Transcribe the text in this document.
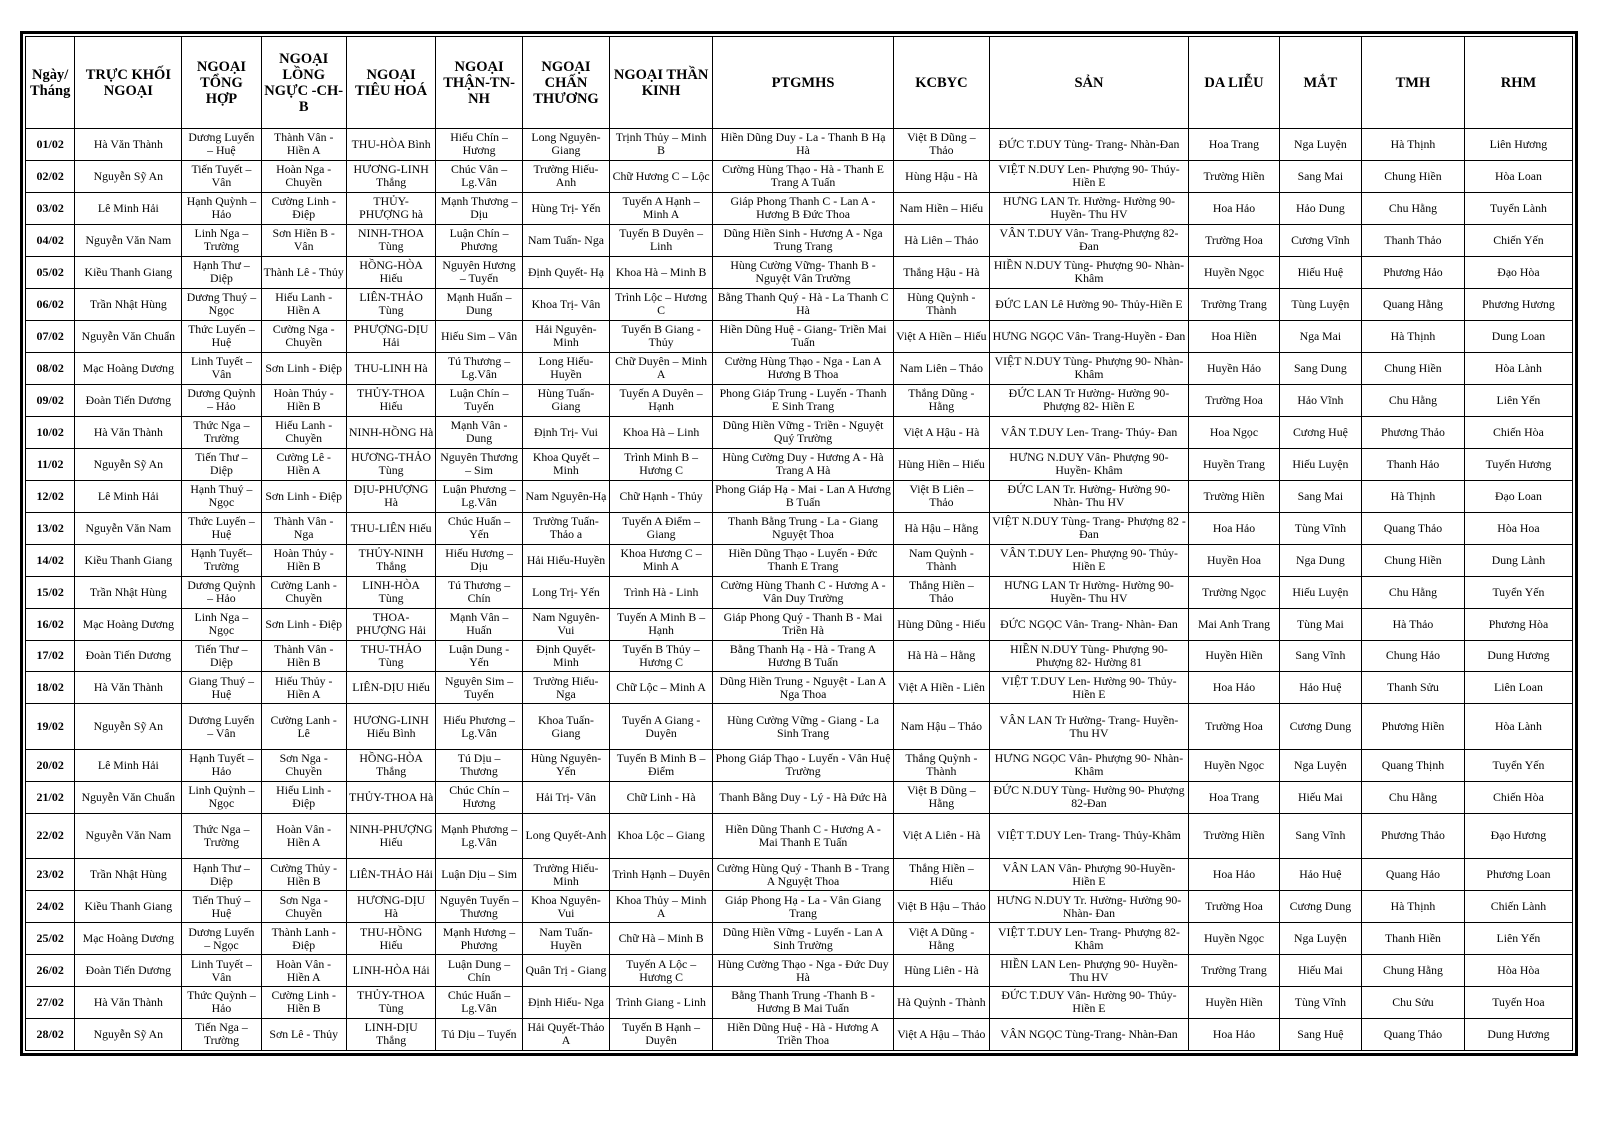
Ngày/ Tháng	TRỰC KHỐI NGOẠI	NGOẠI TỔNG HỢP	NGOẠI LỒNG NGỰC -CH-B	NGOẠI TIÊU HOÁ	NGOẠI THẬN-TN-NH	NGOẠI CHẤN THƯƠNG	NGOẠI THẦN KINH	PTGMHS	KCBYC	SẢN	DA LIỄU	MẮT	TMH	RHM
01/02	Hà Văn Thành	Dương Luyến – Huệ	Thành Vân - Hiền A	THU-HÒA Bình	Hiếu Chín – Hương	Long Nguyên-Giang	Trịnh Thủy – Minh B	Hiền Dũng Duy - La - Thanh B Hạ Hà	Việt B Dũng – Thảo	ĐỨC T.DUY Tùng- Trang- Nhàn-Đan	Hoa Trang	Nga Luyện	Hà Thịnh	Liên Hương
02/02	Nguyễn Sỹ An	Tiến Tuyết – Vân	Hoàn Nga - Chuyền	HƯƠNG-LINH Thắng	Chúc Vân – Lg.Vân	Trường Hiếu-Anh	Chữ Hương C – Lộc	Cường Hùng Thạo - Hà - Thanh E Trang A Tuấn	Hùng Hậu - Hà	VIỆT N.DUY Len- Phượng 90- Thúy-Hiền E	Trường Hiền	Sang Mai	Chung Hiền	Hòa Loan
03/02	Lê Minh Hải	Hạnh Quỳnh – Hảo	Cường Linh - Điệp	THỦY-PHƯỢNG hà	Mạnh Thương – Dịu	Hùng Trị- Yến	Tuyến A Hạnh – Minh A	Giáp Phong Thanh C - Lan A - Hương B Đức Thoa	Nam Hiền – Hiếu	HƯNG LAN Tr. Hường- Hường 90- Huyền- Thu HV	Hoa Hảo	Hảo Dung	Chu Hằng	Tuyển Lành
04/02	Nguyễn Văn Nam	Linh Nga – Trường	Sơn Hiền B - Vân	NINH-THOA Tùng	Luận Chín – Phương	Nam Tuấn- Nga	Tuyến B Duyên – Linh	Dũng Hiền Sinh - Hương A - Nga Trung Trang	Hà Liên – Thảo	VÂN T.DUY Vân- Trang-Phượng 82-Đan	Trường Hoa	Cương Vĩnh	Thanh Thảo	Chiến Yến
05/02	Kiều Thanh Giang	Hạnh Thư – Diệp	Thành Lê - Thủy	HỒNG-HÒA Hiếu	Nguyên Hương – Tuyến	Định Quyết- Hạ	Khoa Hà – Minh B	Hùng Cường Vững- Thanh B - Nguyệt Vân Trường	Thắng Hậu - Hà	HIỀN N.DUY Tùng- Phượng 90- Nhàn- Khâm	Huyền Ngọc	Hiếu Huệ	Phương Hảo	Đạo Hòa
06/02	Trần Nhật Hùng	Dương Thuý – Ngọc	Hiếu Lanh - Hiền A	LIÊN-THẢO Tùng	Mạnh Huấn – Dung	Khoa Trị- Vân	Trình Lộc – Hương C	Bằng Thanh Quý - Hà - La Thanh C Hà	Hùng Quỳnh - Thành	ĐỨC LAN Lê Hường 90- Thủy-Hiền E	Trường Trang	Tùng Luyện	Quang Hằng	Phương Hương
07/02	Nguyễn Văn Chuẩn	Thức Luyến – Huệ	Cường Nga - Chuyền	PHƯỢNG-DỊU Hải	Hiếu Sim – Vân	Hải Nguyên-Minh	Tuyến B Giang - Thủy	Hiền Dũng Huệ - Giang- Triền Mai Tuấn	Việt A Hiền – Hiếu	HƯNG NGỌC Vân- Trang-Huyền - Đan	Hoa Hiền	Nga Mai	Hà Thịnh	Dung Loan
08/02	Mạc Hoàng Dương	Linh Tuyết – Vân	Sơn Linh - Điệp	THU-LINH Hà	Tú Thương – Lg.Vân	Long Hiếu-Huyền	Chữ Duyên – Minh A	Cường Hùng Thạo - Nga - Lan A Hương B Thoa	Nam Liên – Thảo	VIỆT N.DUY Tùng- Phượng 90- Nhàn- Khâm	Huyền Hảo	Sang Dung	Chung Hiền	Hòa Lành
09/02	Đoàn Tiến Dương	Dương Quỳnh – Hảo	Hoàn Thúy - Hiền B	THỦY-THOA Hiếu	Luận Chín – Tuyến	Hùng Tuấn-Giang	Tuyến A Duyên – Hạnh	Phong Giáp Trung - Luyến - Thanh E Sinh Trang	Thắng Dũng - Hằng	ĐỨC LAN Tr Hường- Hường 90- Phượng 82- Hiền E	Trường Hoa	Hảo Vĩnh	Chu Hằng	Liên Yến
10/02	Hà Văn Thành	Thức Nga – Trường	Hiếu Lanh - Chuyền	NINH-HỒNG Hà	Mạnh Vân - Dung	Định Trị- Vui	Khoa Hà – Linh	Dũng Hiền Vững - Triền - Nguyệt Quý Trường	Việt A Hậu - Hà	VÂN T.DUY Len- Trang- Thúy- Đan	Hoa Ngọc	Cương Huệ	Phương Thảo	Chiến Hòa
11/02	Nguyễn Sỹ An	Tiến Thư – Diệp	Cường Lê - Hiền A	HƯƠNG-THẢO Tùng	Nguyên Thương – Sim	Khoa Quyết – Minh	Trình Minh B – Hương C	Hùng Cường Duy - Hương A - Hà Trang A Hà	Hùng Hiền – Hiếu	HƯNG N.DUY Vân- Phượng 90- Huyền- Khâm	Huyền Trang	Hiếu Luyện	Thanh Hảo	Tuyến Hương
12/02	Lê Minh Hải	Hạnh Thuý – Ngọc	Sơn Linh - Điệp	DỊU-PHƯỢNG Hà	Luận Phương – Lg.Vân	Nam Nguyên-Hạ	Chữ Hạnh - Thủy	Phong Giáp Hạ - Mai - Lan A Hương B Tuấn	Việt B Liên – Thảo	ĐỨC LAN Tr. Hường- Hường 90- Nhàn- Thu HV	Trường Hiền	Sang Mai	Hà Thịnh	Đạo Loan
13/02	Nguyễn Văn Nam	Thức Luyến – Huệ	Thành Vân - Nga	THU-LIÊN Hiếu	Chúc Huấn – Yến	Trường Tuấn-Thảo a	Tuyến A Điểm – Giang	Thanh Bằng Trung - La - Giang Nguyệt Thoa	Hà Hậu – Hằng	VIỆT N.DUY Tùng- Trang- Phượng 82 - Đan	Hoa Hảo	Tùng Vĩnh	Quang Thảo	Hòa Hoa
14/02	Kiều Thanh Giang	Hạnh Tuyết– Trường	Hoàn Thủy - Hiền B	THỦY-NINH Thắng	Hiếu Hương – Dịu	Hải Hiếu-Huyền	Khoa Hương C – Minh A	Hiền Dũng Thạo - Luyến - Đức Thanh E Trang	Nam Quỳnh - Thành	VÂN T.DUY Len- Phượng 90- Thủy-Hiền E	Huyền Hoa	Nga Dung	Chung Hiền	Dung Lành
15/02	Trần Nhật Hùng	Dương Quỳnh – Hảo	Cường Lanh - Chuyền	LINH-HÒA Tùng	Tú Thương – Chín	Long Trị- Yến	Trình Hà - Linh	Cường Hùng Thanh C - Hương A - Vân Duy Trường	Thắng Hiền – Thảo	HƯNG LAN Tr Hường- Hường 90- Huyền- Thu HV	Trường Ngọc	Hiếu Luyện	Chu Hằng	Tuyển Yến
16/02	Mạc Hoàng Dương	Linh Nga – Ngọc	Sơn Linh - Điệp	THOA-PHƯỢNG Hải	Mạnh Vân – Huấn	Nam Nguyên-Vui	Tuyến A Minh B – Hạnh	Giáp Phong Quý - Thanh B - Mai Triền Hà	Hùng Dũng - Hiếu	ĐỨC NGỌC Vân- Trang- Nhàn- Đan	Mai Anh Trang	Tùng Mai	Hà Thảo	Phương Hòa
17/02	Đoàn Tiến Dương	Tiến Thư – Diệp	Thành Vân - Hiền B	THU-THẢO Tùng	Luận Dung - Yến	Định Quyết-Minh	Tuyến B Thủy – Hương C	Bằng Thanh Hạ - Hà - Trang A Hương B Tuấn	Hà Hà – Hằng	HIỀN N.DUY Tùng- Phượng 90- Phượng 82- Hường 81	Huyền Hiền	Sang Vĩnh	Chung Hảo	Dung Hương
18/02	Hà Văn Thành	Giang Thuý – Huệ	Hiếu Thủy - Hiền A	LIÊN-DỊU Hiếu	Nguyên Sim – Tuyến	Trường Hiếu-Nga	Chữ Lộc – Minh A	Dũng Hiền Trung - Nguyệt - Lan A Nga Thoa	Việt A Hiền - Liên	VIỆT T.DUY Len- Hường 90- Thủy-Hiền E	Hoa Hảo	Hảo Huệ	Thanh Sửu	Liên Loan
19/02	Nguyễn Sỹ An	Dương Luyến – Vân	Cường Lanh - Lê	HƯƠNG-LINH Hiếu Bình	Hiếu Phương – Lg.Vân	Khoa Tuấn-Giang	Tuyến A Giang - Duyên	Hùng Cường Vững - Giang - La Sinh Trang	Nam Hậu – Thảo	VÂN LAN Tr Hường- Trang- Huyền-Thu HV	Trường Hoa	Cương Dung	Phương Hiền	Hòa Lành
20/02	Lê Minh Hải	Hạnh Tuyết – Hảo	Sơn Nga - Chuyền	HỒNG-HÒA Thắng	Tú Dịu – Thương	Hùng Nguyên-Yến	Tuyến B Minh B – Điểm	Phong Giáp Thạo - Luyến - Vân Huệ Trường	Thắng Quỳnh - Thành	HƯNG NGỌC Vân- Phượng 90- Nhàn- Khâm	Huyền Ngọc	Nga Luyện	Quang Thịnh	Tuyển Yến
21/02	Nguyễn Văn Chuẩn	Linh Quỳnh – Ngọc	Hiếu Linh - Điệp	THỦY-THOA Hà	Chúc Chín – Hương	Hải Trị- Vân	Chữ Linh - Hà	Thanh Bằng Duy - Lý - Hà Đức Hà	Việt B Dũng – Hằng	ĐỨC N.DUY Tùng- Hường 90- Phượng 82-Đan	Hoa Trang	Hiếu Mai	Chu Hằng	Chiến Hòa
22/02	Nguyễn Văn Nam	Thức Nga – Trường	Hoàn Vân - Hiền A	NINH-PHƯỢNG Hiếu	Mạnh Phương – Lg.Vân	Long Quyết-Anh	Khoa Lộc – Giang	Hiền Dũng Thanh C - Hương A - Mai Thanh E Tuấn	Việt A Liên - Hà	VIỆT T.DUY Len- Trang- Thủy-Khâm	Trường Hiền	Sang Vĩnh	Phương Thảo	Đạo Hương
23/02	Trần Nhật Hùng	Hạnh Thư – Diệp	Cường Thủy - Hiền B	LIÊN-THẢO Hải	Luận Dịu – Sim	Trường Hiếu-Minh	Trình Hạnh – Duyên	Cường Hùng Quý - Thanh B - Trang A Nguyệt Thoa	Thắng Hiền – Hiếu	VÂN LAN Vân- Phượng 90-Huyền-Hiền E	Hoa Hảo	Hảo Huệ	Quang Hảo	Phương Loan
24/02	Kiều Thanh Giang	Tiến Thuý – Huệ	Sơn Nga - Chuyền	HƯƠNG-DỊU Hà	Nguyên Tuyến – Thương	Khoa Nguyên-Vui	Khoa Thủy – Minh A	Giáp Phong Hạ - La - Vân Giang Trang	Việt B Hậu – Thảo	HƯNG N.DUY Tr. Hường- Hường 90- Nhàn- Đan	Trường Hoa	Cương Dung	Hà Thịnh	Chiến Lành
25/02	Mạc Hoàng Dương	Dương Luyến – Ngọc	Thành Lanh - Điệp	THU-HỒNG Hiếu	Mạnh Hương – Phương	Nam Tuấn-Huyền	Chữ Hà – Minh B	Dũng Hiền Vững - Luyến - Lan A Sinh Trường	Việt A Dũng - Hằng	VIỆT T.DUY Len- Trang- Phượng 82-Khâm	Huyền Ngọc	Nga Luyện	Thanh Hiền	Liên Yến
26/02	Đoàn Tiến Dương	Linh Tuyết – Vân	Hoàn Vân - Hiền A	LINH-HÒA Hải	Luận Dung – Chín	Quân Trị - Giang	Tuyến A Lộc – Hương C	Hùng Cường Thạo - Nga - Đức Duy Hà	Hùng Liên - Hà	HIỀN LAN Len- Phượng 90- Huyền-Thu HV	Trường Trang	Hiếu Mai	Chung Hằng	Hòa Hòa
27/02	Hà Văn Thành	Thức Quỳnh – Hảo	Cường Linh - Hiền B	THỦY-THOA Tùng	Chúc Huấn – Lg.Vân	Định Hiếu- Nga	Trình Giang - Linh	Bằng Thanh Trung -Thanh B - Hương B Mai Tuấn	Hà Quỳnh - Thành	ĐỨC T.DUY Vân- Hường 90- Thủy-Hiền E	Huyền Hiền	Tùng Vĩnh	Chu Sửu	Tuyến Hoa
28/02	Nguyễn Sỹ An	Tiến Nga – Trường	Sơn Lê - Thủy	LINH-DỊU Thắng	Tú Dịu – Tuyến	Hải Quyết-Thảo A	Tuyến B Hạnh – Duyên	Hiền Dũng Huệ - Hà - Hương A Triền Thoa	Việt A Hậu – Thảo	VÂN NGỌC Tùng-Trang- Nhàn-Đan	Hoa Hảo	Sang Huệ	Quang Thảo	Dung Hương
